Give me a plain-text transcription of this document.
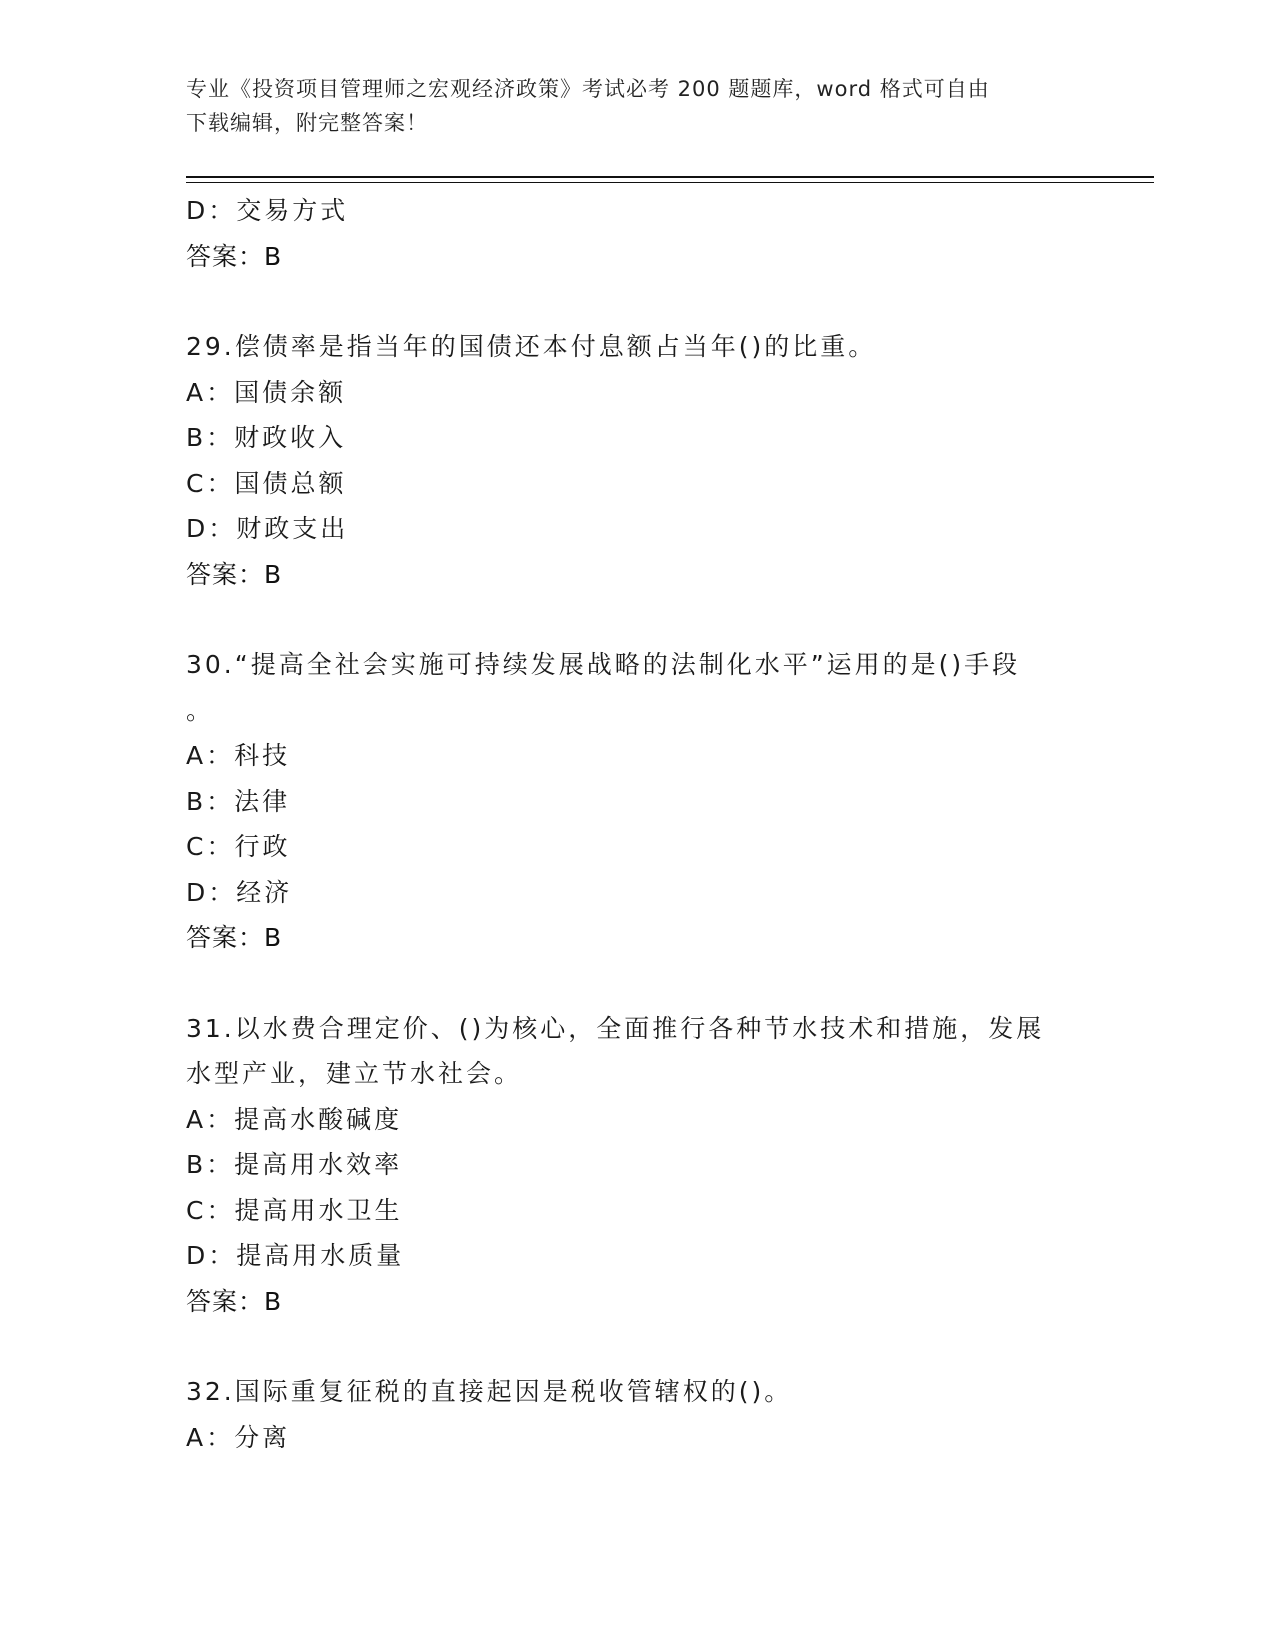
专业《投资项目管理师之宏观经济政策》考试必考 200 题题库，word 格式可自由
下载编辑，附完整答案！
D：交易方式
答案：B
29.偿债率是指当年的国债还本付息额占当年()的比重。
A：国债余额
B：财政收入
C：国债总额
D：财政支出
答案：B
30.“提高全社会实施可持续发展战略的法制化水平”运用的是()手段
。
A：科技
B：法律
C：行政
D：经济
答案：B
31.以水费合理定价、()为核心，全面推行各种节水技术和措施，发展
水型产业，建立节水社会。
A：提高水酸碱度
B：提高用水效率
C：提高用水卫生
D：提高用水质量
答案：B
32.国际重复征税的直接起因是税收管辖权的()。
A：分离
